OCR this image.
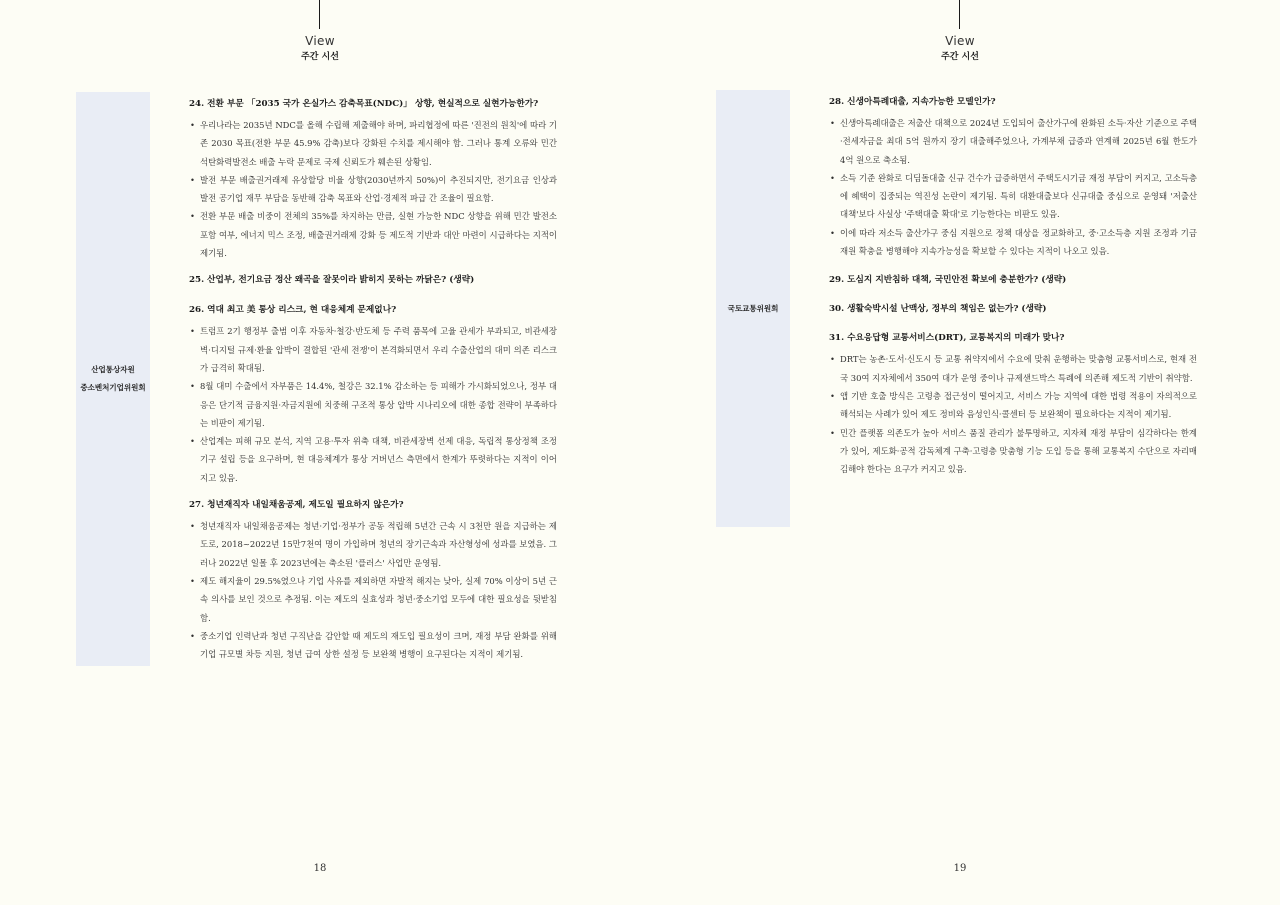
View
주간 시선
산업통상자원
중소벤처기업위원회
24. 전환 부문 「2035 국가 온실가스 감축목표(NDC)」 상향, 현실적으로 실현가능한가?
• 우리나라는 2035년 NDC를 올해 수립해 제출해야 하며, 파리협정에 따른 '진전의 원칙'에 따라 기존 2030 목표(전환 부문 45.9% 감축)보다 강화된 수치를 제시해야 함. 그러나 통계 오류와 민간 석탄화력발전소 배출 누락 문제로 국제 신뢰도가 훼손된 상황임.
• 발전 부문 배출권거래제 유상할당 비율 상향(2030년까지 50%)이 추진되지만, 전기요금 인상과 발전 공기업 재무 부담을 동반해 감축 목표와 산업·경제적 파급 간 조율이 필요함.
• 전환 부문 배출 비중이 전체의 35%를 차지하는 만큼, 실현 가능한 NDC 상향을 위해 민간 발전소 포함 여부, 에너지 믹스 조정, 배출권거래제 강화 등 제도적 기반과 대안 마련이 시급하다는 지적이 제기됨.
25. 산업부, 전기요금 정산 왜곡을 잘못이라 밝히지 못하는 까닭은? (생략)
26. 역대 최고 美 통상 리스크, 현 대응체계 문제없나?
• 트럼프 2기 행정부 출범 이후 자동차·철강·반도체 등 주력 품목에 고율 관세가 부과되고, 비관세장벽·디지털 규제·환율 압박이 결합된 '관세 전쟁'이 본격화되면서 우리 수출산업의 대미 의존 리스크가 급격히 확대됨.
• 8월 대미 수출에서 자부품은 14.4%, 철강은 32.1% 감소하는 등 피해가 가시화되었으나, 정부 대응은 단기적 금융지원·자금지원에 치중해 구조적 통상 압박 시나리오에 대한 종합 전략이 부족하다는 비판이 제기됨.
• 산업계는 피해 규모 분석, 지역 고용·투자 위축 대책, 비관세장벽 선제 대응, 독립적 통상정책 조정기구 설립 등을 요구하며, 현 대응체계가 통상 거버넌스 측면에서 한계가 뚜렷하다는 지적이 이어지고 있음.
27. 청년재직자 내일채움공제, 제도일 필요하지 않은가?
• 청년재직자 내일채움공제는 청년·기업·정부가 공동 적립해 5년간 근속 시 3천만 원을 지급하는 제도로, 2018~2022년 15만7천여 명이 가입하며 청년의 장기근속과 자산형성에 성과를 보였음. 그러나 2022년 일몰 후 2023년에는 축소된 '플러스' 사업만 운영됨.
• 제도 해지율이 29.5%였으나 기업 사유를 제외하면 자발적 해지는 낮아, 실제 70% 이상이 5년 근속 의사를 보인 것으로 추정됨. 이는 제도의 실효성과 청년·중소기업 모두에 대한 필요성을 뒷받침함.
• 중소기업 인력난과 청년 구직난을 감안할 때 제도의 재도입 필요성이 크며, 재정 부담 완화를 위해 기업 규모별 차등 지원, 청년 급여 상한 설정 등 보완책 병행이 요구된다는 지적이 제기됨.
18
View
주간 시선
국토교통위원회
28. 신생아특례대출, 지속가능한 모델인가?
• 신생아특례대출은 저출산 대책으로 2024년 도입되어 출산가구에 완화된 소득·자산 기준으로 주택·전세자금을 최대 5억 원까지 장기 대출해주었으나, 가계부채 급증과 연계해 2025년 6월 한도가 4억 원으로 축소됨.
• 소득 기준 완화로 디딤돌대출 신규 건수가 급증하면서 주택도시기금 재정 부담이 커지고, 고소득층에 혜택이 집중되는 역진성 논란이 제기됨. 특히 대환대출보다 신규대출 중심으로 운영돼 '저출산 대책'보다 사실상 '주택대출 확대'로 기능한다는 비판도 있음.
• 이에 따라 저소득 출산가구 중심 지원으로 정책 대상을 정교화하고, 중·고소득층 지원 조정과 기금 재원 확충을 병행해야 지속가능성을 확보할 수 있다는 지적이 나오고 있음.
29. 도심지 지반침하 대책, 국민안전 확보에 충분한가? (생략)
30. 생활숙박시설 난맥상, 정부의 책임은 없는가? (생략)
31. 수요응답형 교통서비스(DRT), 교통복지의 미래가 맞나?
• DRT는 농촌·도서·신도시 등 교통 취약지에서 수요에 맞춰 운행하는 맞춤형 교통서비스로, 현재 전국 30여 지자체에서 350여 대가 운영 중이나 규제샌드박스 특례에 의존해 제도적 기반이 취약함.
• 앱 기반 호출 방식은 고령층 접근성이 떨어지고, 서비스 가능 지역에 대한 법령 적용이 자의적으로 해석되는 사례가 있어 제도 정비와 음성인식·콜센터 등 보완책이 필요하다는 지적이 제기됨.
• 민간 플랫폼 의존도가 높아 서비스 품질 관리가 불투명하고, 지자체 재정 부담이 심각하다는 한계가 있어, 제도화·공적 감독체계 구축·고령층 맞춤형 기능 도입 등을 통해 교통복지 수단으로 자리매김해야 한다는 요구가 커지고 있음.
19
